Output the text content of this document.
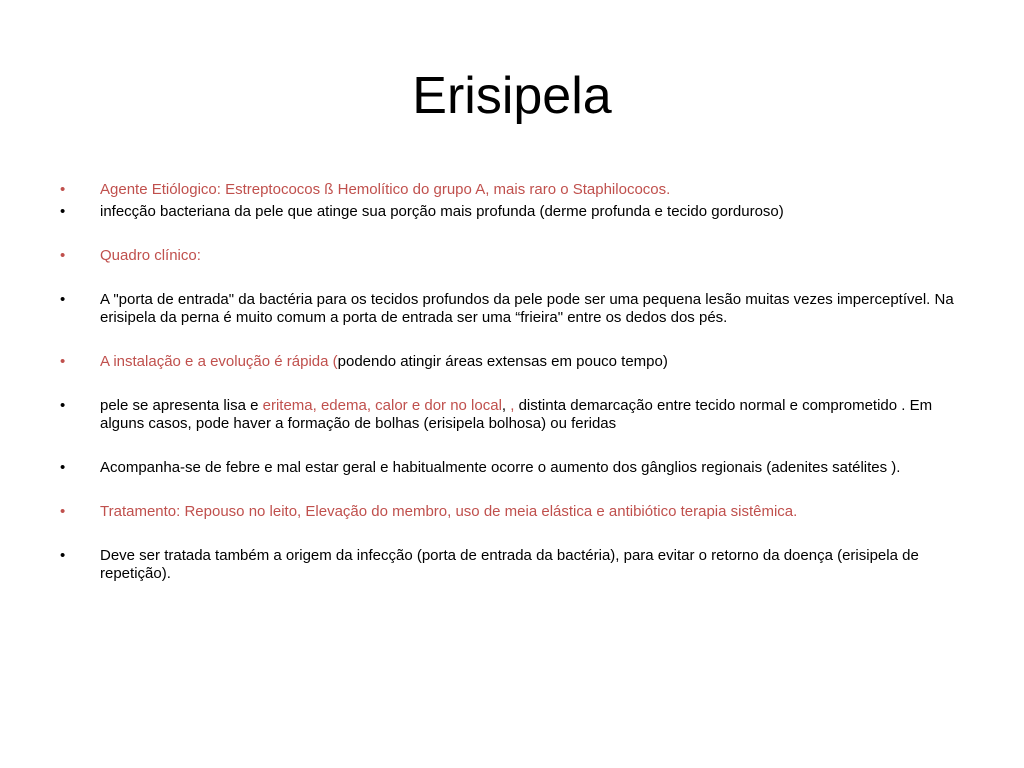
Erisipela

•	Agente Etiólogico: Estreptococos ß Hemolítico do grupo A, mais raro o Staphilococos.

•	infecção bacteriana da pele que atinge sua porção mais profunda (derme profunda e tecido gorduroso)

•	Quadro clínico:

•	A "porta de entrada" da bactéria para os tecidos profundos da pele pode ser uma pequena lesão muitas vezes imperceptível. Na erisipela da perna é muito comum a porta de entrada ser uma “frieira" entre os dedos dos pés.

•	A instalação e a evolução é rápida (podendo atingir áreas extensas em pouco tempo)

•	pele se apresenta lisa e eritema, edema, calor e dor no local, , distinta demarcação entre tecido normal e comprometido . Em alguns casos, pode haver a formação de bolhas (erisipela bolhosa) ou feridas

•	Acompanha-se de febre e mal estar geral e habitualmente ocorre o aumento dos gânglios regionais (adenites satélites ).

•	Tratamento: Repouso no leito, Elevação do membro, uso de meia elástica e antibiótico terapia sistêmica.

•	Deve ser tratada também a origem da infecção (porta de entrada da bactéria), para evitar o retorno da doença (erisipela de repetição).
